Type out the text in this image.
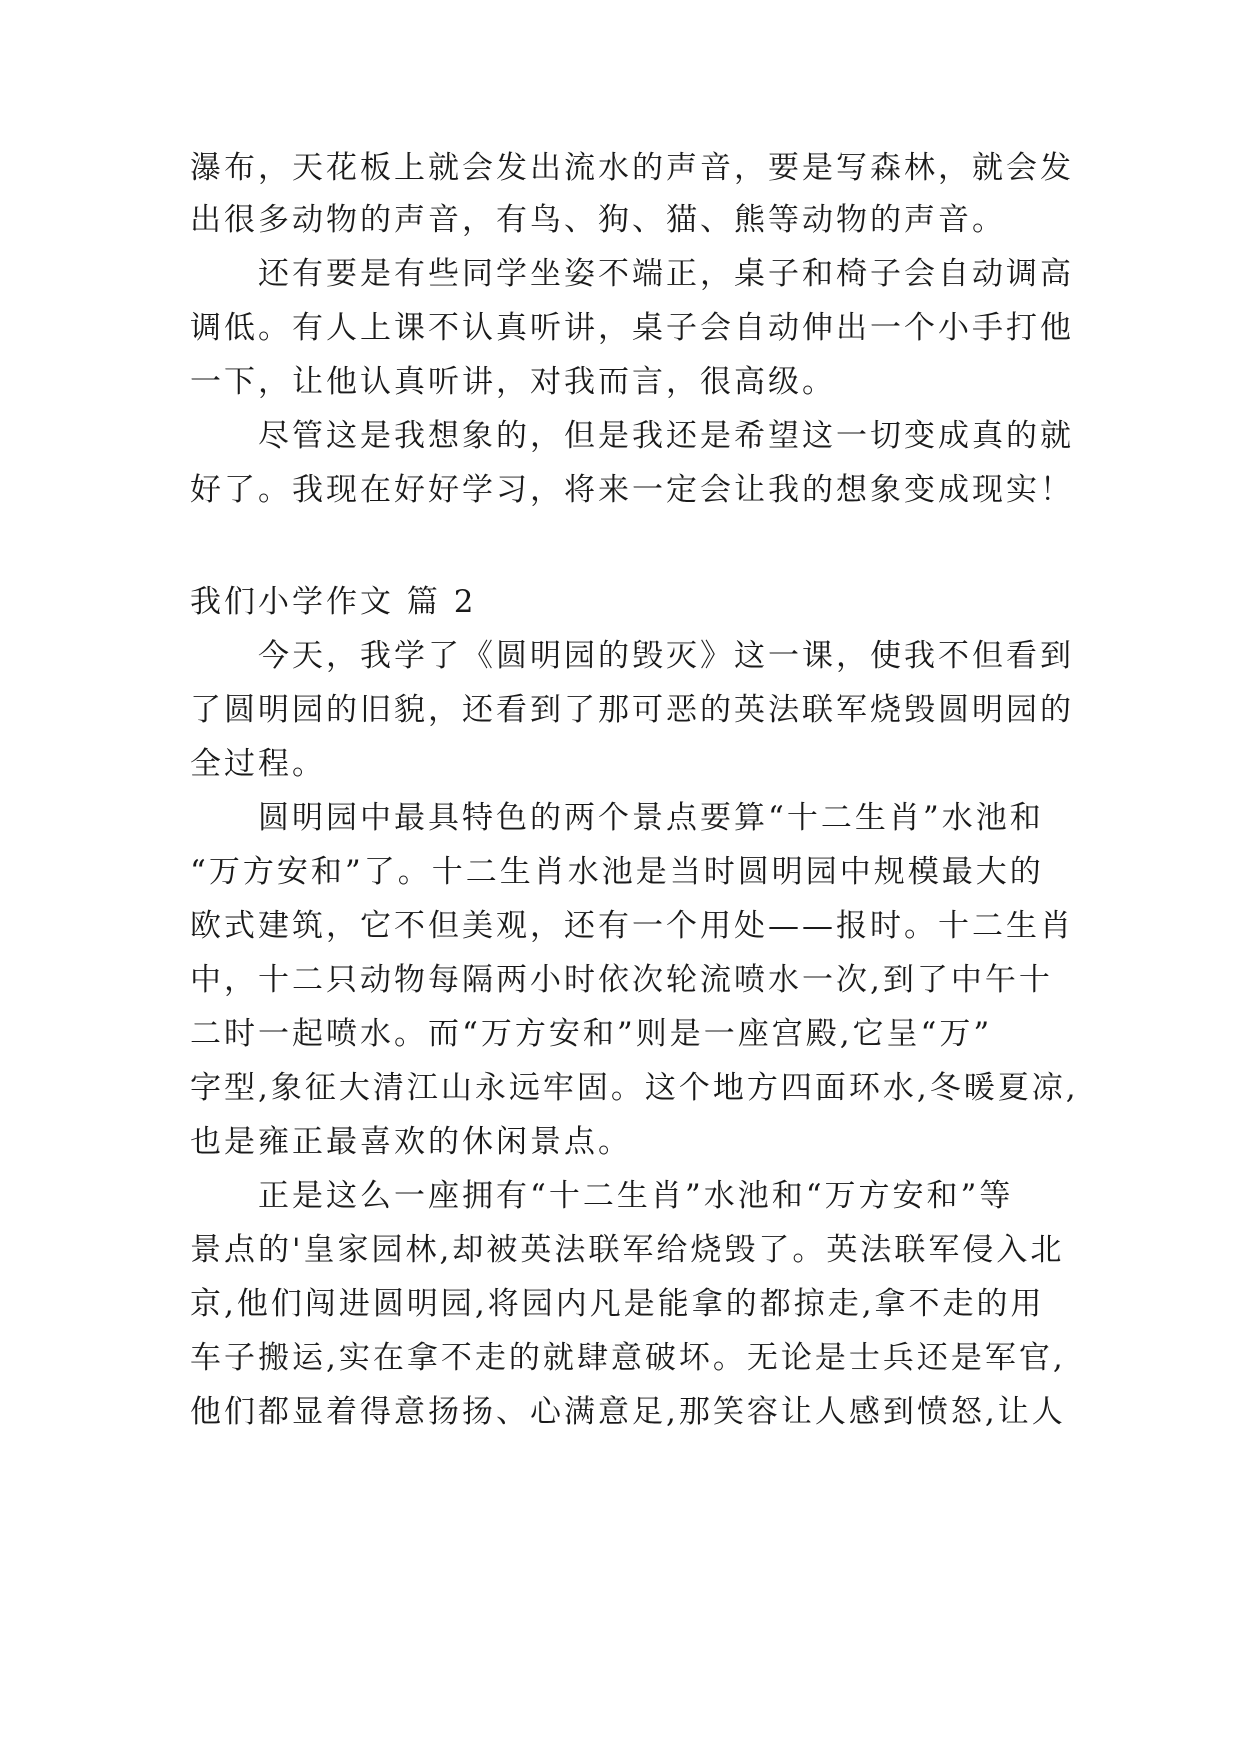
瀑布，天花板上就会发出流水的声音，要是写森林，就会发
出很多动物的声音，有鸟、狗、猫、熊等动物的声音。
还有要是有些同学坐姿不端正，桌子和椅子会自动调高
调低。有人上课不认真听讲，桌子会自动伸出一个小手打他
一下，让他认真听讲，对我而言，很高级。
尽管这是我想象的，但是我还是希望这一切变成真的就
好了。我现在好好学习，将来一定会让我的想象变成现实！
我们小学作文 篇 2
今天，我学了《圆明园的毁灭》这一课，使我不但看到
了圆明园的旧貌，还看到了那可恶的英法联军烧毁圆明园的
全过程。
圆明园中最具特色的两个景点要算“十二生肖”水池和
“万方安和”了。十二生肖水池是当时圆明园中规模最大的
欧式建筑，它不但美观，还有一个用处——报时。十二生肖
中，十二只动物每隔两小时依次轮流喷水一次,到了中午十
二时一起喷水。而“万方安和”则是一座宫殿,它呈“万”
字型,象征大清江山永远牢固。这个地方四面环水,冬暖夏凉,
也是雍正最喜欢的休闲景点。
正是这么一座拥有“十二生肖”水池和“万方安和”等
景点的'皇家园林,却被英法联军给烧毁了。英法联军侵入北
京,他们闯进圆明园,将园内凡是能拿的都掠走,拿不走的用
车子搬运,实在拿不走的就肆意破坏。无论是士兵还是军官,
他们都显着得意扬扬、心满意足,那笑容让人感到愤怒,让人
